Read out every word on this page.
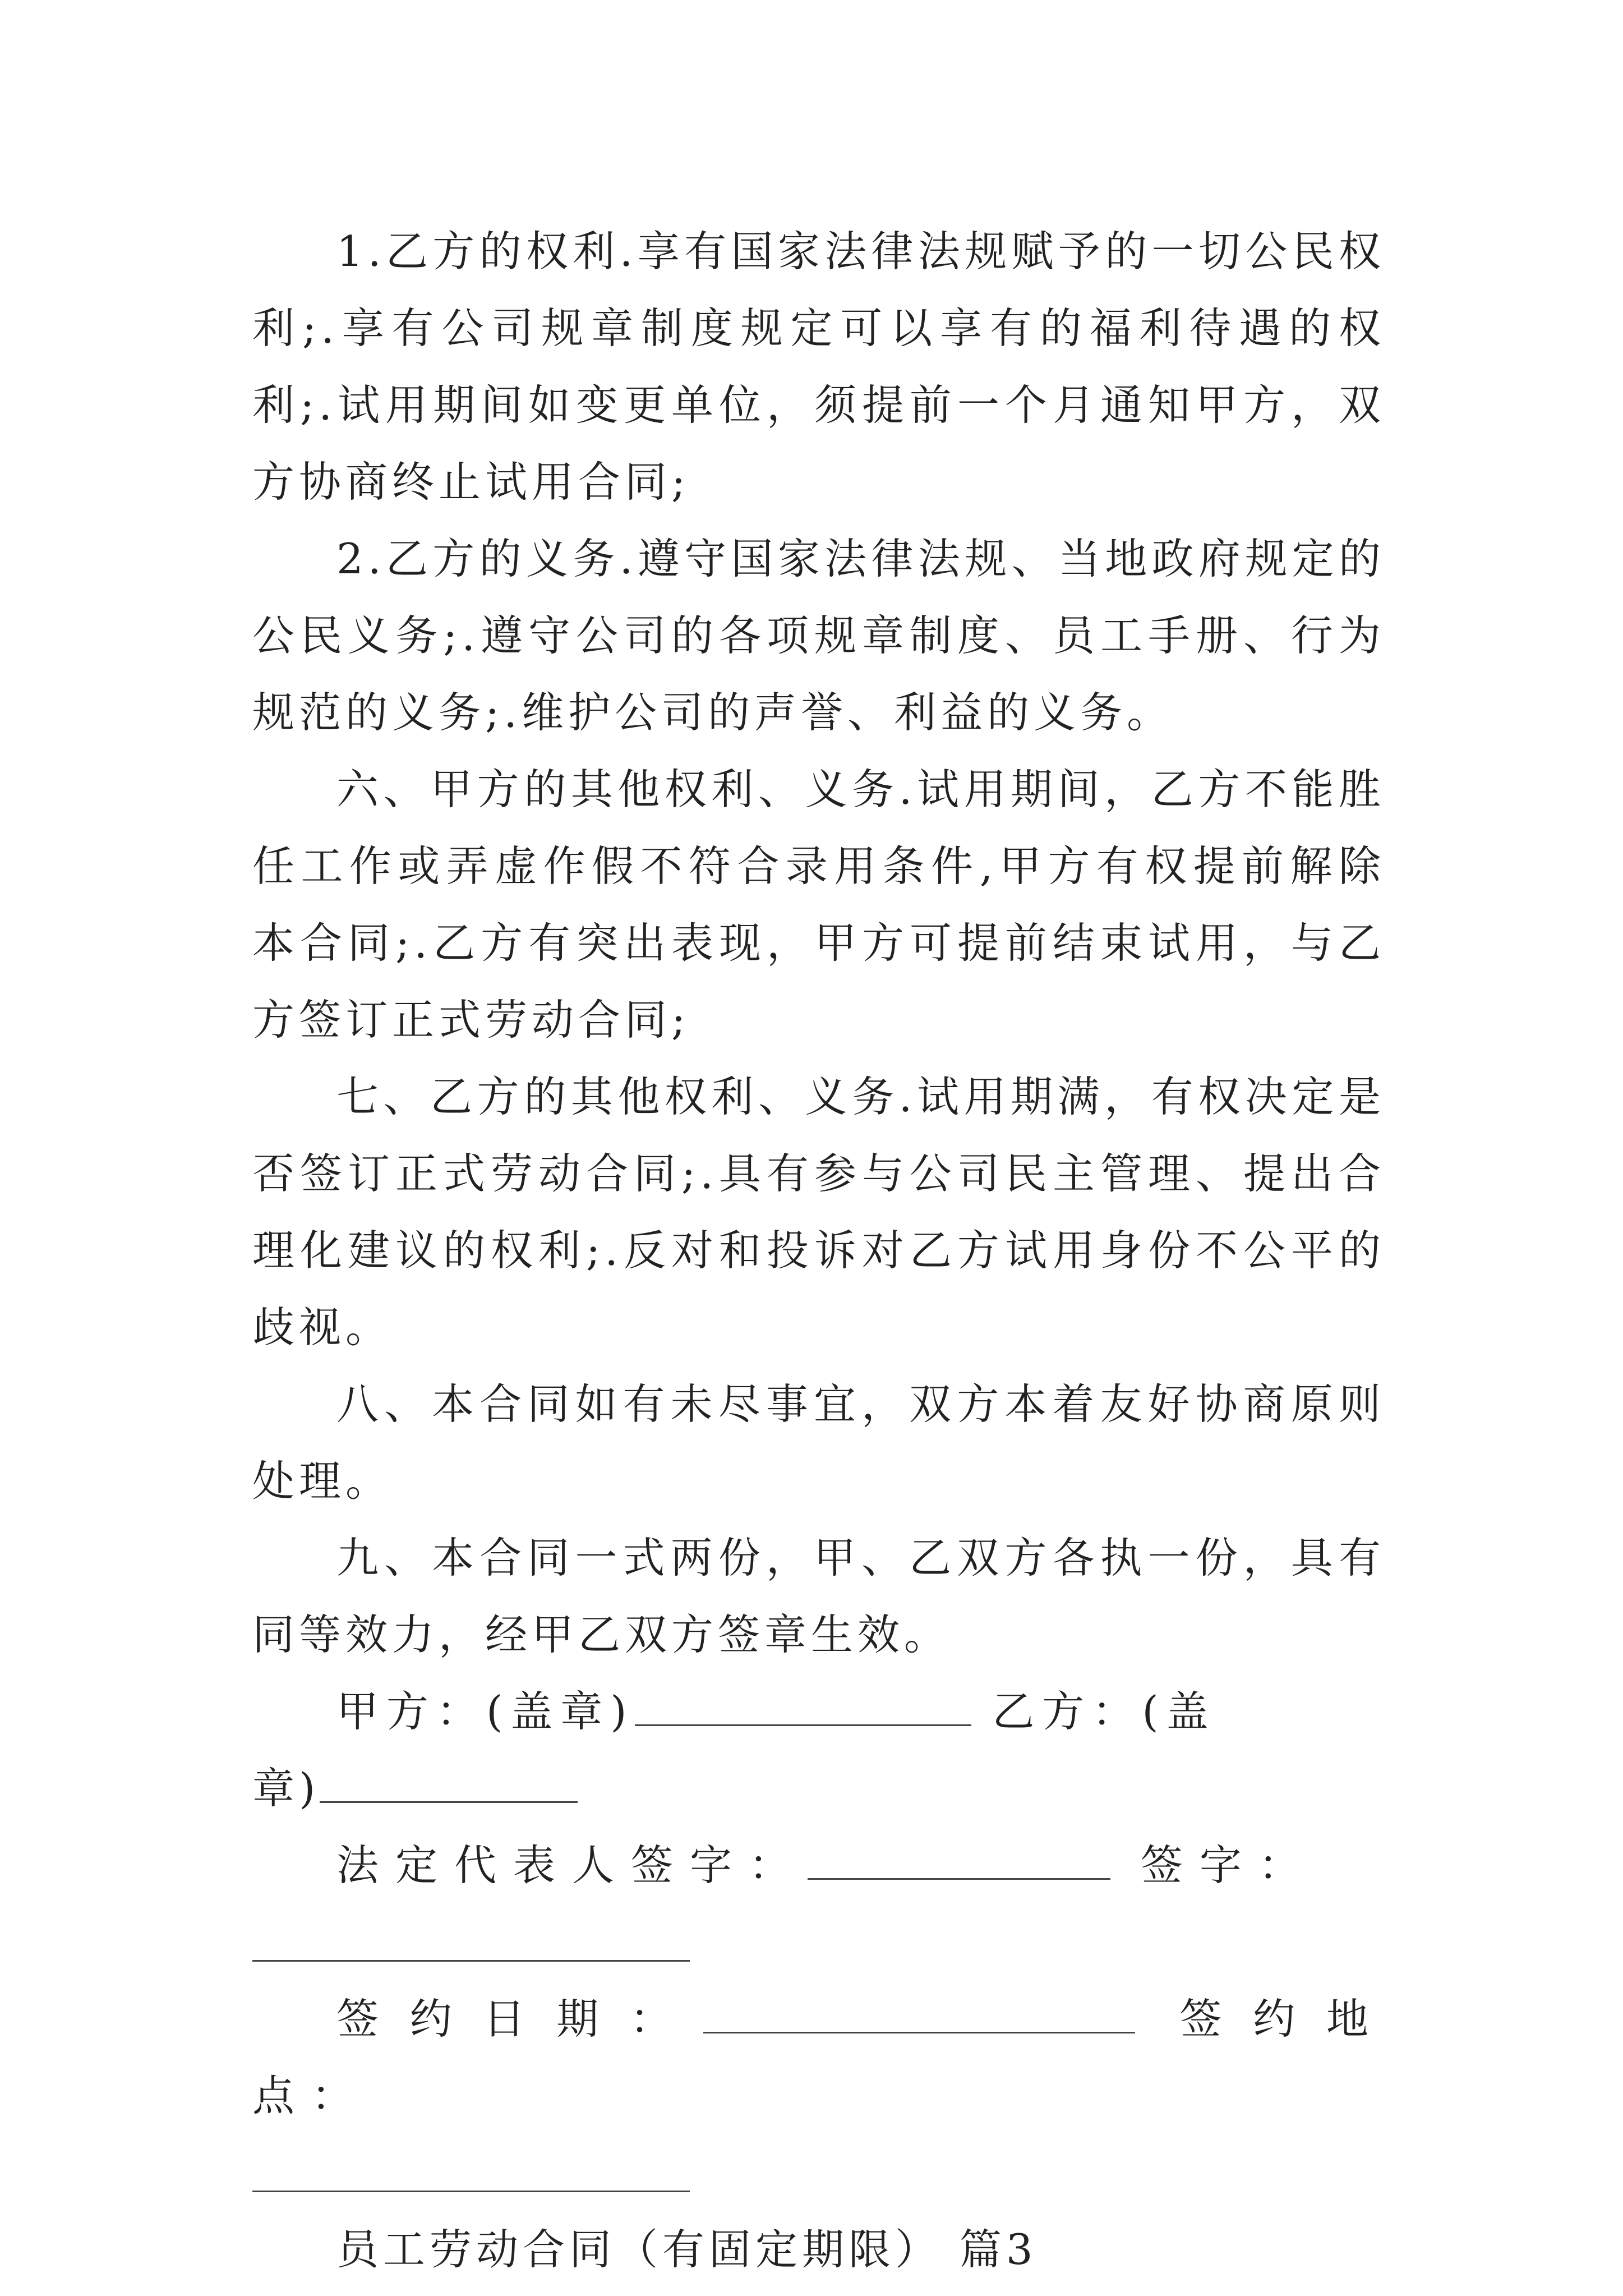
1.乙方的权利.享有国家法律法规赋予的一切公民权利;.享有公司规章制度规定可以享有的福利待遇的权利;.试用期间如变更单位，须提前一个月通知甲方，双方协商终止试用合同;

2.乙方的义务.遵守国家法律法规、当地政府规定的公民义务;.遵守公司的各项规章制度、员工手册、行为规范的义务;.维护公司的声誉、利益的义务。

六、甲方的其他权利、义务.试用期间，乙方不能胜任工作或弄虚作假不符合录用条件,甲方有权提前解除本合同;.乙方有突出表现，甲方可提前结束试用，与乙方签订正式劳动合同;

七、乙方的其他权利、义务.试用期满，有权决定是否签订正式劳动合同;.具有参与公司民主管理、提出合理化建议的权利;.反对和投诉对乙方试用身份不公平的歧视。

八、本合同如有未尽事宜，双方本着友好协商原则处理。

九、本合同一式两份，甲、乙双方各执一份，具有同等效力，经甲乙双方签章生效。

甲方：(盖章)	乙方：(盖

章)

法定代表人签字：	签字：

签约日期：	签约地点：

员工劳动合同（有固定期限） 篇3
